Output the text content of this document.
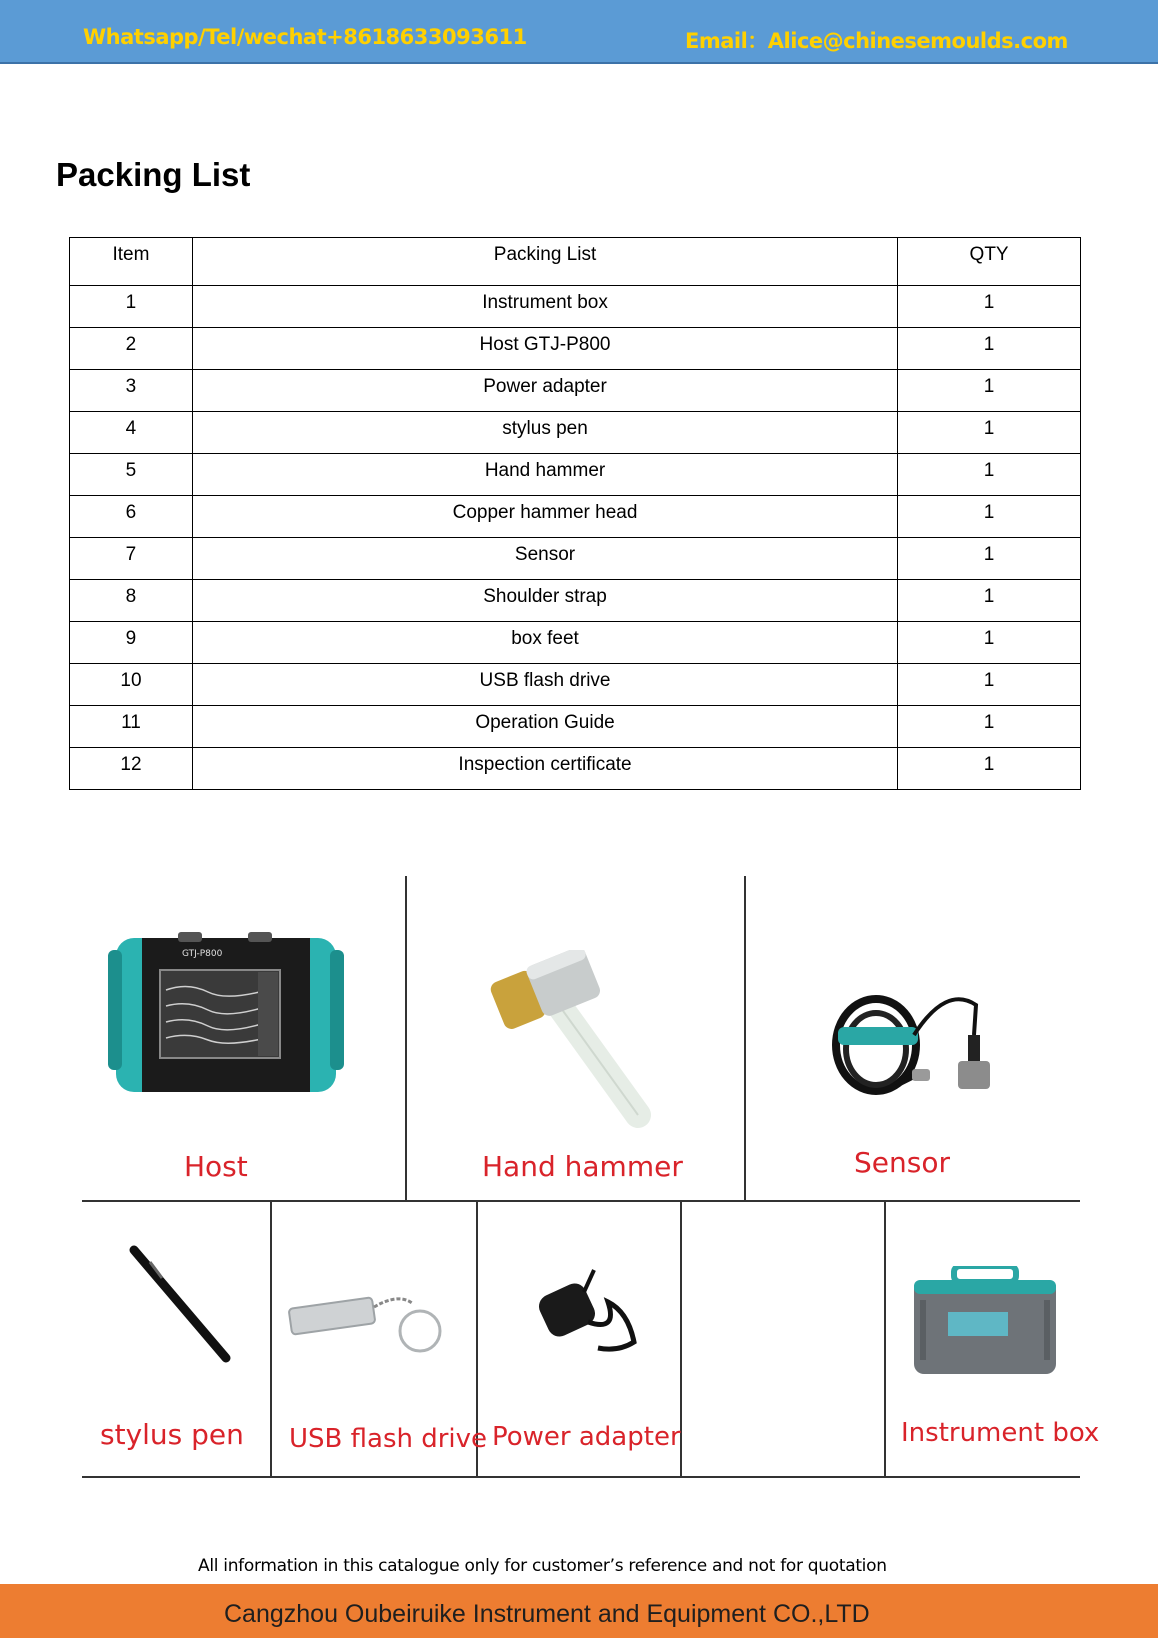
Whatsapp/Tel/wechat+8618633093611	Email：Alice@chinesemoulds.com
Packing List
Item	Packing List	QTY
1	Instrument box	1
2	Host GTJ-P800	1
3	Power adapter	1
4	stylus pen	1
5	Hand hammer	1
6	Copper hammer head	1
7	Sensor	1
8	Shoulder strap	1
9	box feet	1
10	USB flash drive	1
11	Operation Guide	1
12	Inspection certificate	1
GTJ-P800
Host	Hand hammer	Sensor
stylus pen USB flash drive Power adapter	Instrument box
All information in this catalogue only for customer’s reference and not for quotation
Cangzhou Oubeiruike Instrument and Equipment CO.,LTD
